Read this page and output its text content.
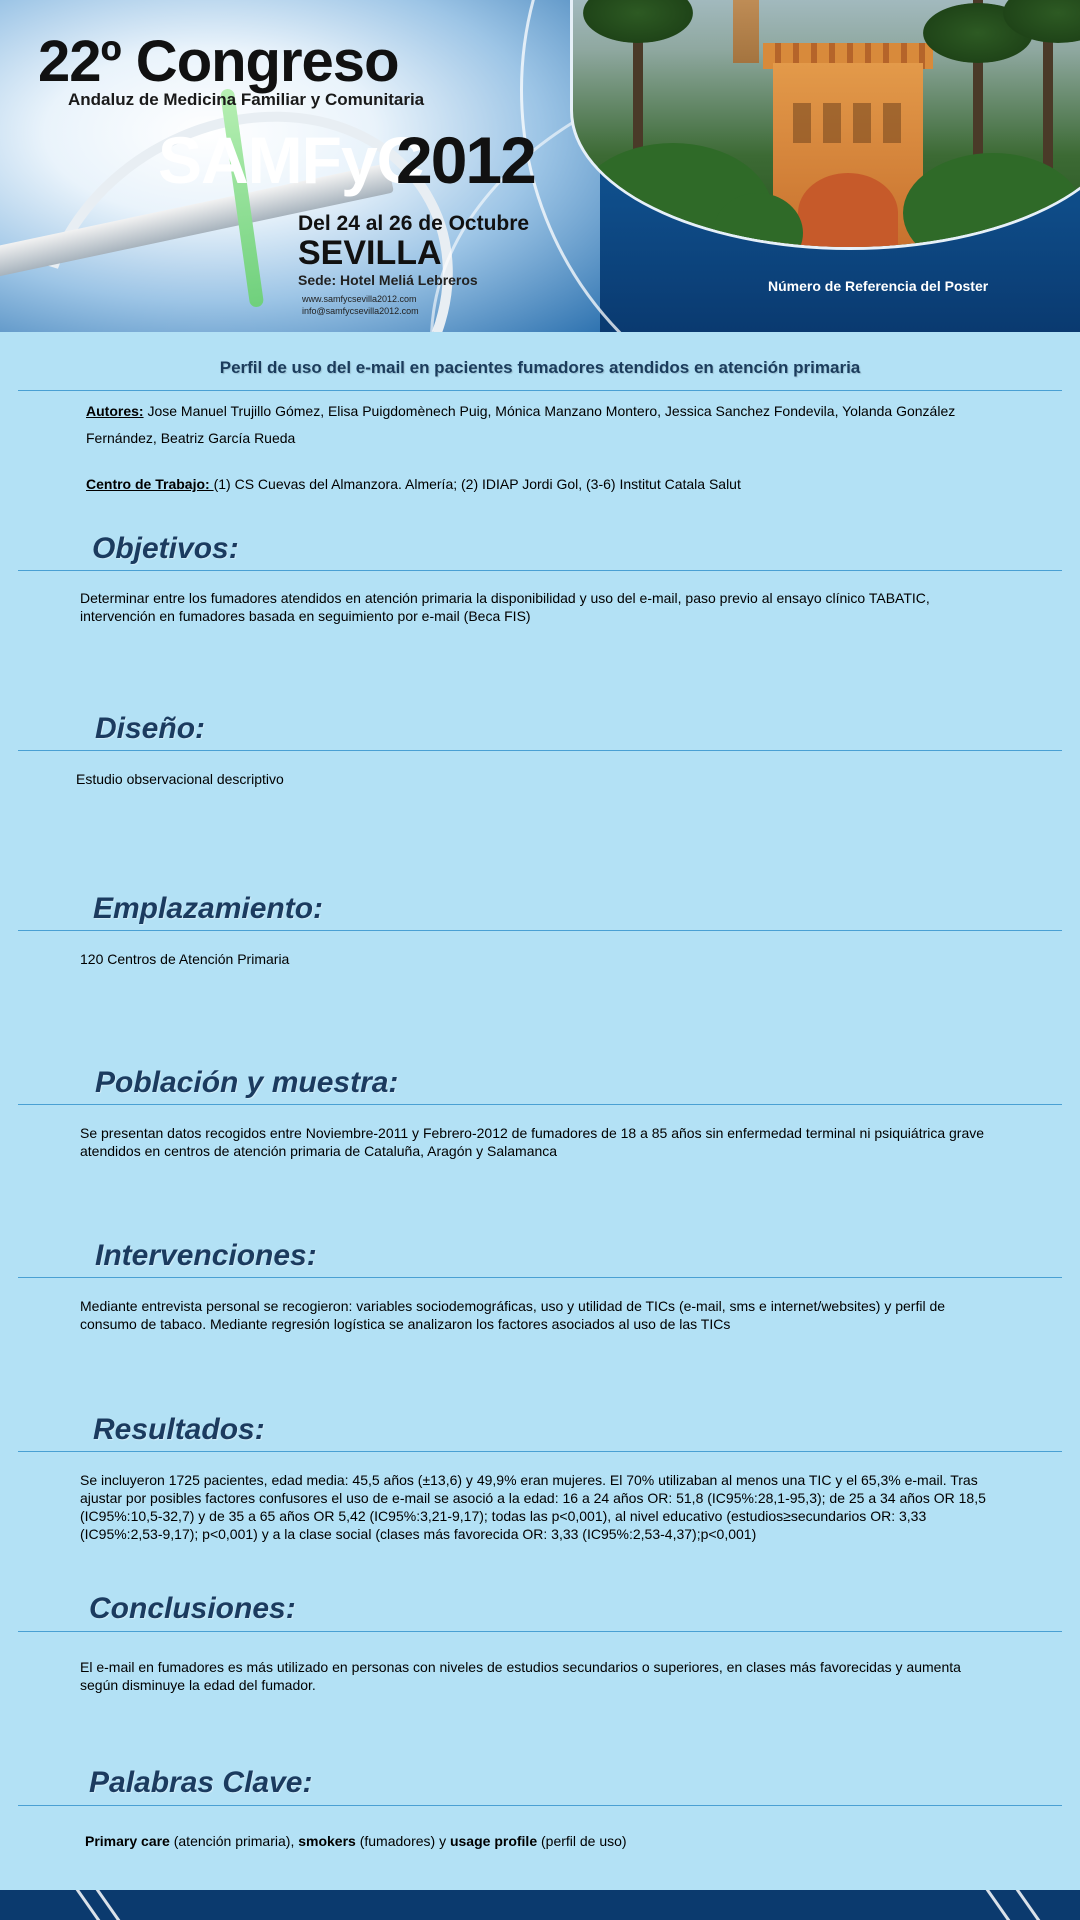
22º Congreso
Andaluz de Medicina Familiar y Comunitaria
SAMFyC
2012
Del 24 al 26 de Octubre
SEVILLA
Sede: Hotel Meliá Lebreros
www.samfycsevilla2012.com
info@samfycsevilla2012.com
Número de Referencia del Poster
Perfil de uso del e-mail en pacientes fumadores atendidos en atención primaria
Autores: Jose Manuel Trujillo Gómez, Elisa Puigdomènech Puig, Mónica Manzano Montero, Jessica Sanchez Fondevila, Yolanda González Fernández, Beatriz García Rueda
Centro de Trabajo: (1) CS Cuevas del Almanzora. Almería; (2) IDIAP Jordi Gol, (3-6) Institut Catala Salut
Objetivos:
Determinar entre los fumadores atendidos en atención primaria la disponibilidad y uso del e-mail, paso previo al ensayo clínico TABATIC, intervención en fumadores basada en seguimiento por e-mail (Beca FIS)
Diseño:
Estudio observacional descriptivo
Emplazamiento:
120 Centros de Atención Primaria
Población y muestra:
Se presentan datos recogidos entre Noviembre-2011 y Febrero-2012 de fumadores de 18 a 85 años sin enfermedad terminal ni psiquiátrica grave atendidos en centros de atención primaria de Cataluña, Aragón y Salamanca
Intervenciones:
Mediante entrevista personal se recogieron: variables sociodemográficas, uso y utilidad de TICs (e-mail, sms e internet/websites) y perfil de consumo de tabaco. Mediante regresión logística se analizaron los factores asociados al uso de las TICs
Resultados:
Se incluyeron 1725 pacientes, edad media: 45,5 años (±13,6) y 49,9% eran mujeres. El 70% utilizaban al menos una TIC y el 65,3% e-mail. Tras ajustar por posibles factores confusores el uso de e-mail se asoció a la edad: 16 a 24 años OR: 51,8 (IC95%:28,1-95,3); de 25 a 34 años OR 18,5 (IC95%:10,5-32,7) y de 35 a 65 años OR 5,42 (IC95%:3,21-9,17); todas las p<0,001), al nivel educativo (estudios≥secundarios OR: 3,33 (IC95%:2,53-9,17); p<0,001) y a la clase social (clases más favorecida OR: 3,33 (IC95%:2,53-4,37);p<0,001)
Conclusiones:
El e-mail en fumadores es más utilizado en personas con niveles de estudios secundarios o superiores, en clases más favorecidas y aumenta según disminuye la edad del fumador.
Palabras Clave:
Primary care (atención primaria), smokers (fumadores) y usage profile (perfil de uso)
